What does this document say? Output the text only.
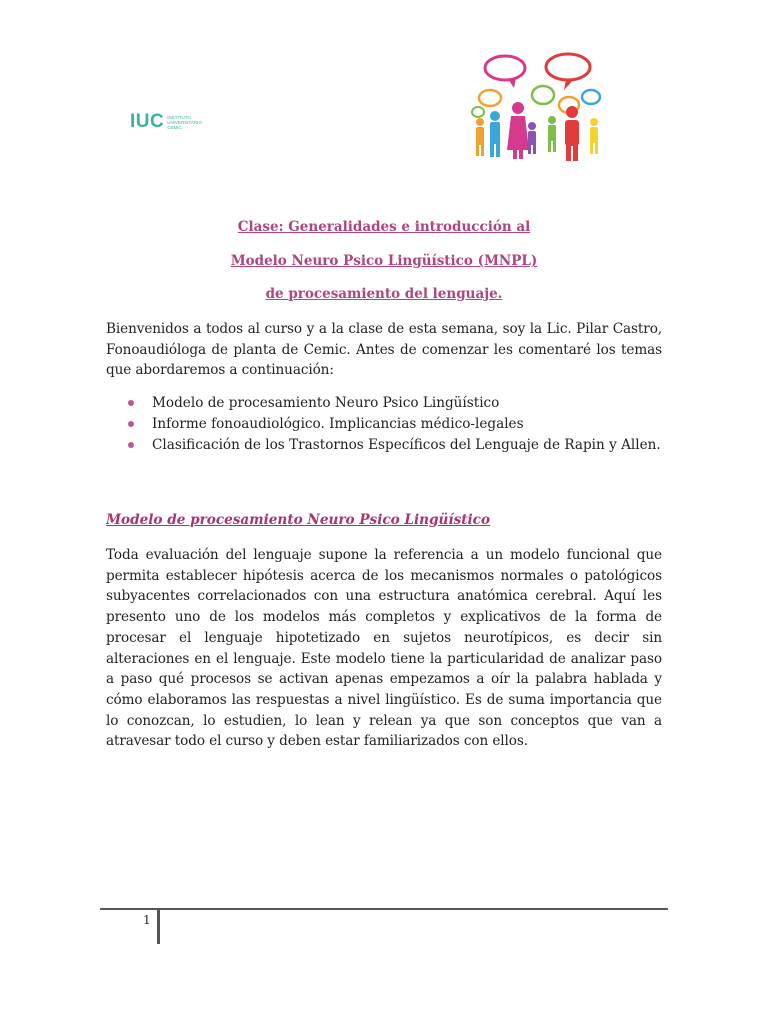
IUC INSTITUTO
UNIVERSITARIO
CEMIC
Clase: Generalidades e introducción al
Modelo Neuro Psico Lingüístico (MNPL)
de procesamiento del lenguaje.

Bienvenidos a todos al curso y a la clase de esta semana, soy la Lic. Pilar Castro, Fonoaudióloga de planta de Cemic. Antes de comenzar les comentaré los temas que abordaremos a continuación:

Modelo de procesamiento Neuro Psico Lingüístico
Informe fonoaudiológico. Implicancias médico-legales
Clasificación de los Trastornos Específicos del Lenguaje de Rapin y Allen.
Modelo de procesamiento Neuro Psico Lingüístico

Toda evaluación del lenguaje supone la referencia a un modelo funcional que permita establecer hipótesis acerca de los mecanismos normales o patológicos subyacentes correlacionados con una estructura anatómica cerebral. Aquí les presento uno de los modelos más completos y explicativos de la forma de procesar el lenguaje hipotetizado en sujetos neurotípicos, es decir sin alteraciones en el lenguaje. Este modelo tiene la particularidad de analizar paso a paso qué procesos se activan apenas empezamos a oír la palabra hablada y cómo elaboramos las respuestas a nivel lingüístico. Es de suma importancia que lo conozcan, lo estudien, lo lean y relean ya que son conceptos que van a atravesar todo el curso y deben estar familiarizados con ellos.

1
